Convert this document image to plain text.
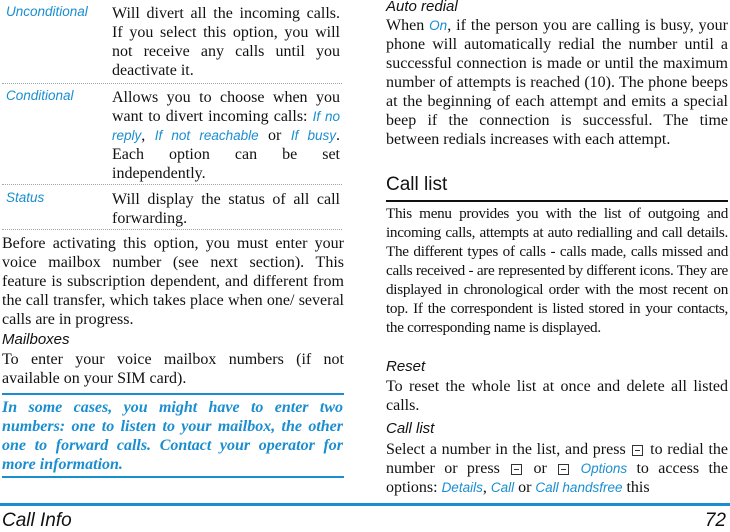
Unconditional Will divert all the incoming calls. If you select this option, you will not receive any calls until you deactivate it.
Conditional Allows you to choose when you want to divert incoming calls: If no reply, If not reachable or If busy. Each option can be set independently.
Status	Will display the status of all call forwarding.
Before activating this option, you must enter your voice mailbox number (see next section). This feature is subscription dependent, and different from the call transfer, which takes place when one/ several calls are in progress.
Mailboxes
To enter your voice mailbox numbers (if not available on your SIM card).
In some cases, you might have to enter two numbers: one to listen to your mailbox, the other one to forward calls. Contact your operator for more information.
Auto redial
When On, if the person you are calling is busy, your phone will automatically redial the number until a successful connection is made or until the maximum number of attempts is reached (10). The phone beeps at the beginning of each attempt and emits a special beep if the connection is successful. The time between redials increases with each attempt.
Call list
This menu provides you with the list of outgoing and incoming calls, attempts at auto redialling and call details. The different types of calls - calls made, calls missed and calls received - are represented by different icons. They are displayed in chronological order with the most recent on top. If the correspondent is listed stored in your contacts, the corresponding name is displayed.
Reset
To reset the whole list at once and delete all listed calls.
Call list
Select a number in the list, and press  to redial the number or press  or  Options to access the options: Details, Call or Call handsfree this
Call Info	72
